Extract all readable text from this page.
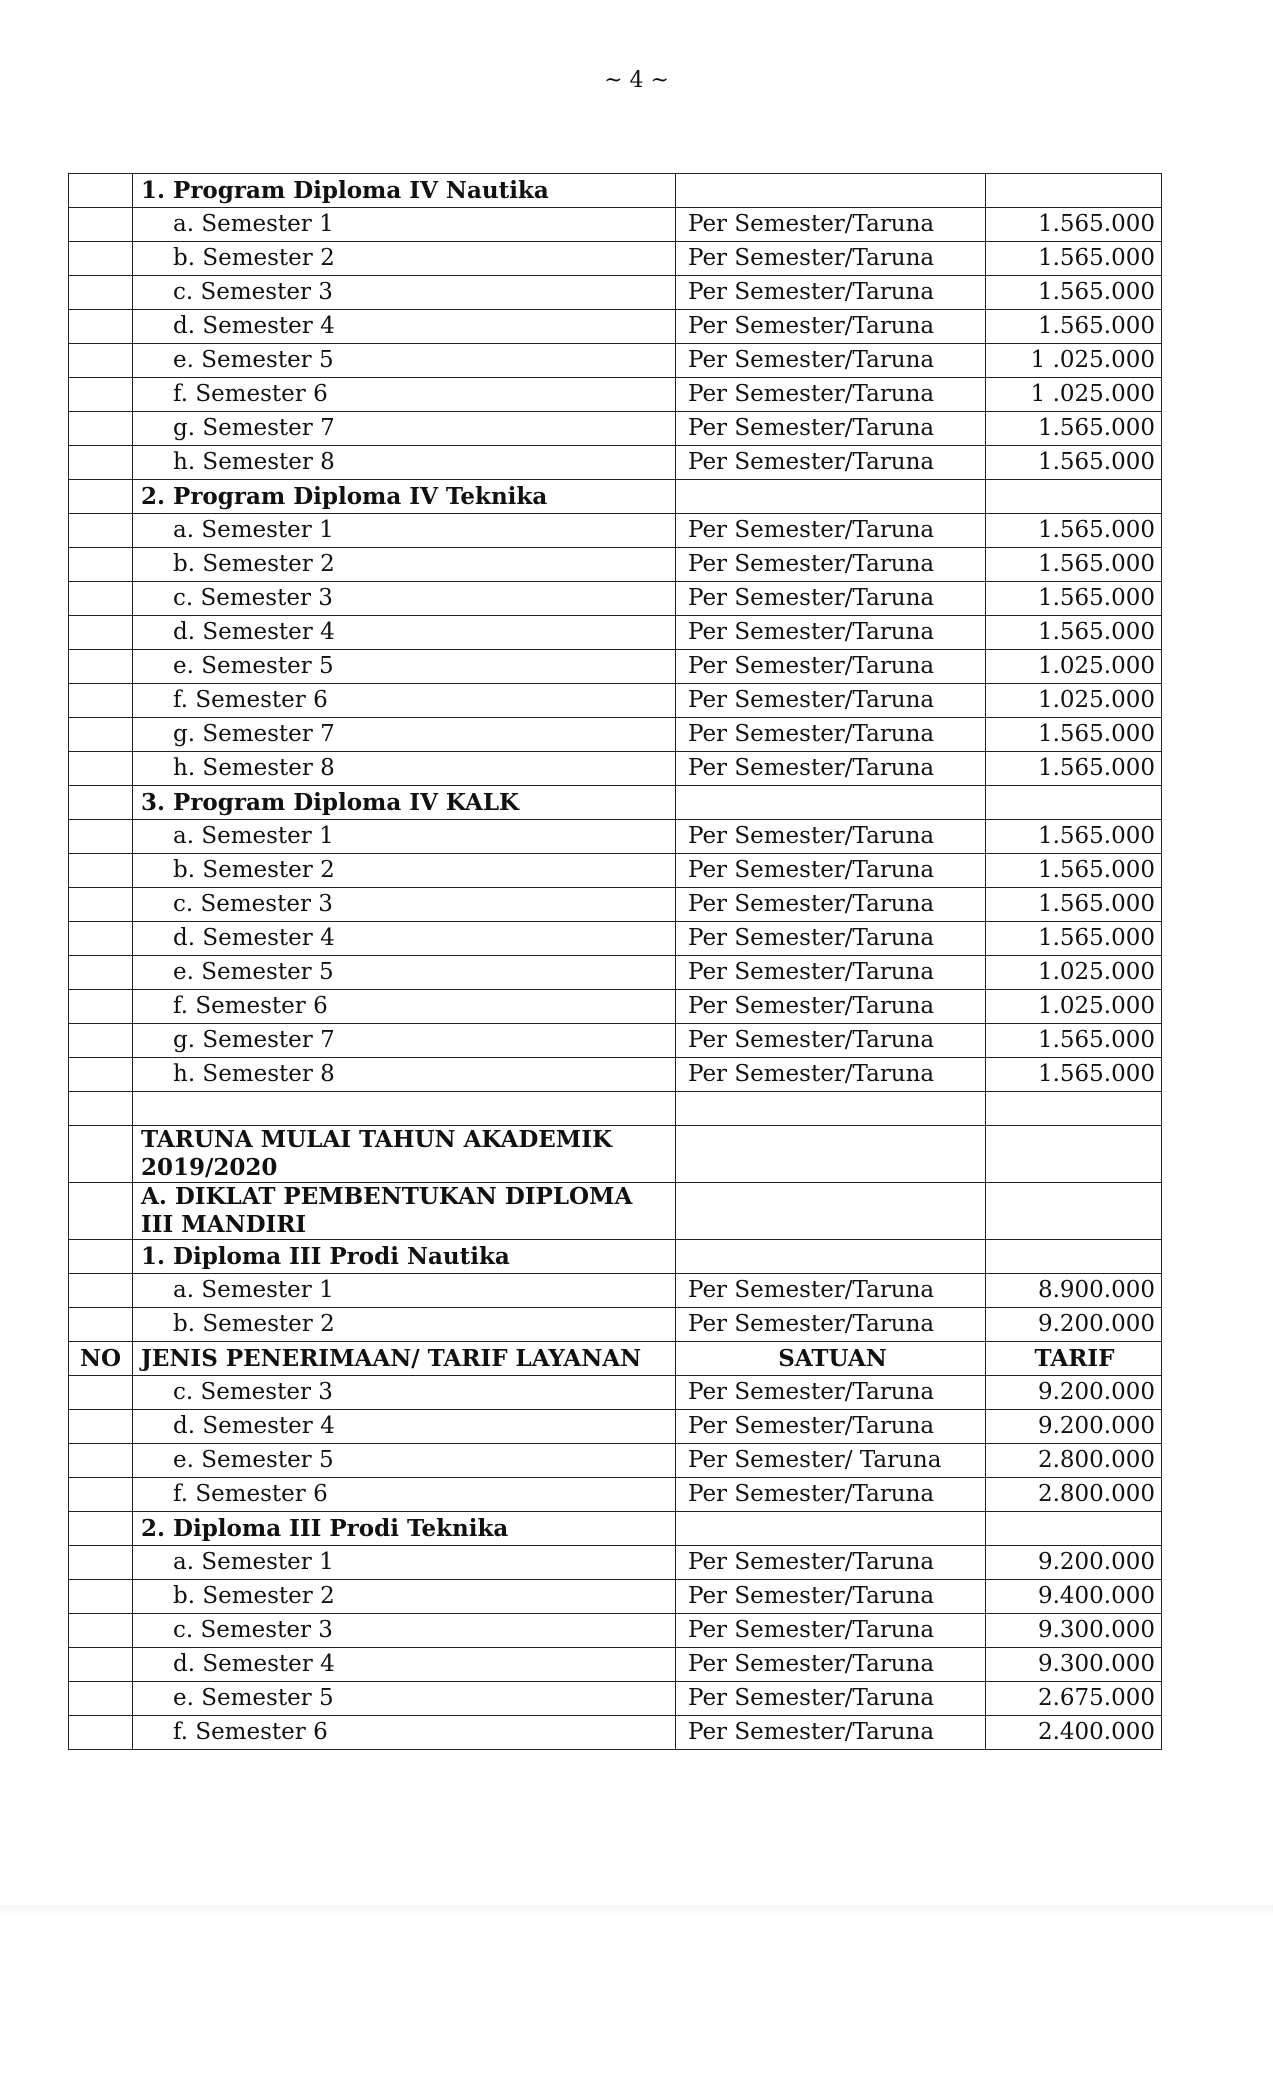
~ 4 ~
	1. Program Diploma IV Nautika		
	a. Semester 1	Per Semester/Taruna	1.565.000
	b. Semester 2	Per Semester/Taruna	1.565.000
	c. Semester 3	Per Semester/Taruna	1.565.000
	d. Semester 4	Per Semester/Taruna	1.565.000
	e. Semester 5	Per Semester/Taruna	1 .025.000
	f. Semester 6	Per Semester/Taruna	1 .025.000
	g. Semester 7	Per Semester/Taruna	1.565.000
	h. Semester 8	Per Semester/Taruna	1.565.000
	2. Program Diploma IV Teknika		
	a. Semester 1	Per Semester/Taruna	1.565.000
	b. Semester 2	Per Semester/Taruna	1.565.000
	c. Semester 3	Per Semester/Taruna	1.565.000
	d. Semester 4	Per Semester/Taruna	1.565.000
	e. Semester 5	Per Semester/Taruna	1.025.000
	f. Semester 6	Per Semester/Taruna	1.025.000
	g. Semester 7	Per Semester/Taruna	1.565.000
	h. Semester 8	Per Semester/Taruna	1.565.000
	3. Program Diploma IV KALK		
	a. Semester 1	Per Semester/Taruna	1.565.000
	b. Semester 2	Per Semester/Taruna	1.565.000
	c. Semester 3	Per Semester/Taruna	1.565.000
	d. Semester 4	Per Semester/Taruna	1.565.000
	e. Semester 5	Per Semester/Taruna	1.025.000
	f. Semester 6	Per Semester/Taruna	1.025.000
	g. Semester 7	Per Semester/Taruna	1.565.000
	h. Semester 8	Per Semester/Taruna	1.565.000

	TARUNA MULAI TAHUN AKADEMIK 2019/2020		
	A. DIKLAT PEMBENTUKAN DIPLOMA III MANDIRI		
	1. Diploma III Prodi Nautika		
	a. Semester 1	Per Semester/Taruna	8.900.000
	b. Semester 2	Per Semester/Taruna	9.200.000
NO	JENIS PENERIMAAN/ TARIF LAYANAN	SATUAN	TARIF
	c. Semester 3	Per Semester/Taruna	9.200.000
	d. Semester 4	Per Semester/Taruna	9.200.000
	e. Semester 5	Per Semester/ Taruna	2.800.000
	f. Semester 6	Per Semester/Taruna	2.800.000
	2. Diploma III Prodi Teknika		
	a. Semester 1	Per Semester/Taruna	9.200.000
	b. Semester 2	Per Semester/Taruna	9.400.000
	c. Semester 3	Per Semester/Taruna	9.300.000
	d. Semester 4	Per Semester/Taruna	9.300.000
	e. Semester 5	Per Semester/Taruna	2.675.000
	f. Semester 6	Per Semester/Taruna	2.400.000
